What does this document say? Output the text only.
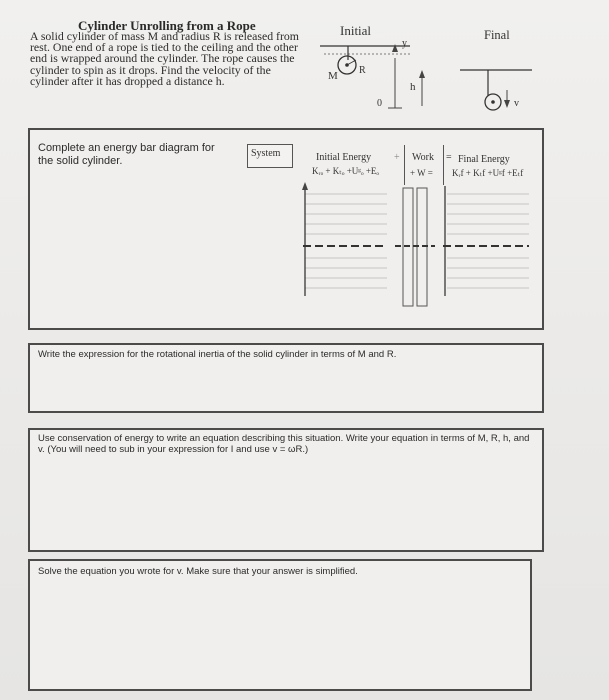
Cylinder Unrolling from a Rope
A solid cylinder of mass M and radius R is released from rest. One end of a rope is tied to the ceiling and the other end is wrapped around the cylinder. The rope causes the cylinder to spin as it drops. Find the velocity of the cylinder after it has dropped a distance h.
Initial	Final
M R
y
h
0	v
Complete an energy bar diagram for the solid cylinder.
System	Initial Energy
Kᵣₒ + Kₜₒ +Uᵍₒ +Eₒ
+ Work
+ W =
= Final Energy
Kᵣf + Kₜf +Uᵍf +Eₜf
Write the expression for the rotational inertia of the solid cylinder in terms of M and R.
Use conservation of energy to write an equation describing this situation. Write your equation in terms of M, R, h, and v. (You will need to sub in your expression for I and use v = ωR.)
Solve the equation you wrote for v. Make sure that your answer is simplified.
